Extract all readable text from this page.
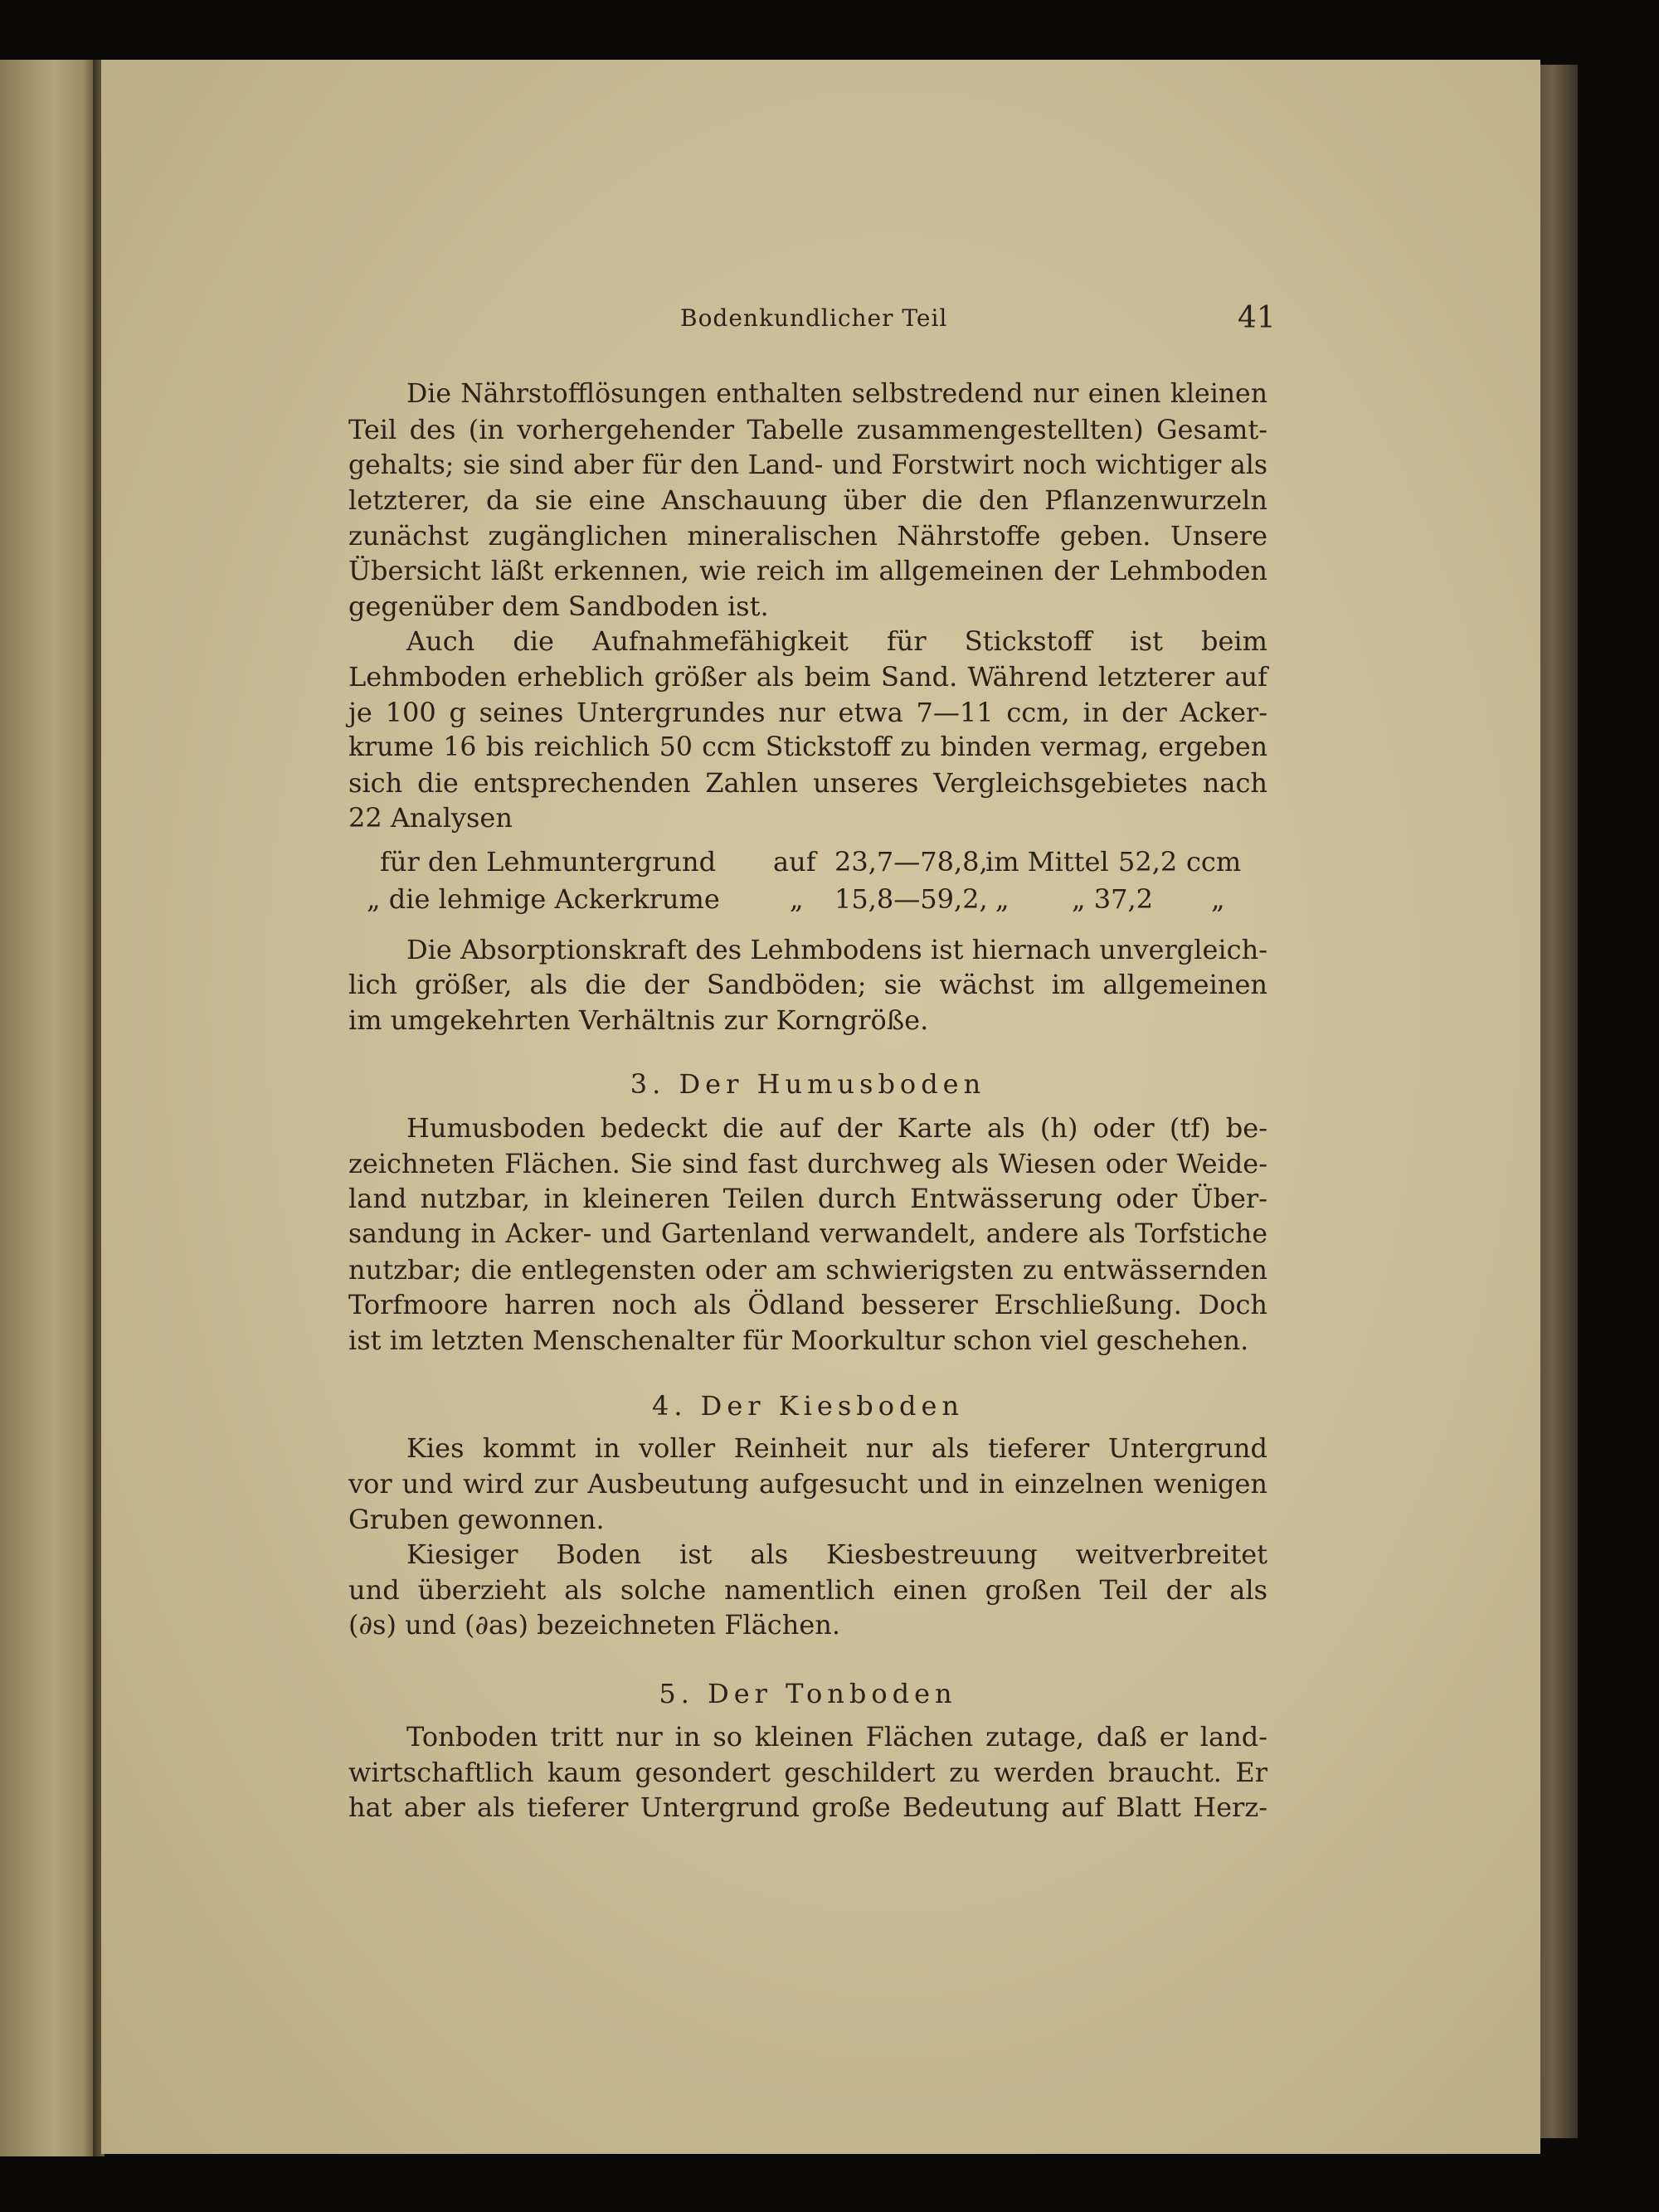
Bodenkundlicher Teil	41
Die Nährstofflösungen enthalten selbstredend nur einen kleinen
Teil des (in vorhergehender Tabelle zusammengestellten) Gesamt-
gehalts; sie sind aber für den Land- und Forstwirt noch wichtiger als
letzterer, da sie eine Anschauung über die den Pflanzenwurzeln
zunächst zugänglichen mineralischen Nährstoffe geben. Unsere
Übersicht läßt erkennen, wie reich im allgemeinen der Lehmboden
gegenüber dem Sandboden ist.
Auch die Aufnahmefähigkeit für Stickstoff ist beim
Lehmboden erheblich größer als beim Sand. Während letzterer auf
je 100 g seines Untergrundes nur etwa 7—11 ccm, in der Acker-
krume 16 bis reichlich 50 ccm Stickstoff zu binden vermag, ergeben
sich die entsprechenden Zahlen unseres Vergleichsgebietes nach
22 Analysen
für den Lehmuntergrund auf 23,7—78,8,
im Mittel 52,2 ccm
„ die lehmige Ackerkrume	„ 15,8—59,2, „ „ 37,2 „
Die Absorptionskraft des Lehmbodens ist hiernach unvergleich-
lich größer, als die der Sandböden; sie wächst im allgemeinen
im umgekehrten Verhältnis zur Korngröße.
3. Der Humusboden
Humusboden bedeckt die auf der Karte als (h) oder (tf) be-
zeichneten Flächen. Sie sind fast durchweg als Wiesen oder Weide-
land nutzbar, in kleineren Teilen durch Entwässerung oder Über-
sandung in Acker- und Gartenland verwandelt, andere als Torfstiche
nutzbar; die entlegensten oder am schwierigsten zu entwässernden
Torfmoore harren noch als Ödland besserer Erschließung. Doch
ist im letzten Menschenalter für Moorkultur schon viel geschehen.
4. Der Kiesboden
Kies kommt in voller Reinheit nur als tieferer Untergrund
vor und wird zur Ausbeutung aufgesucht und in einzelnen wenigen
Gruben gewonnen.
Kiesiger Boden ist als Kiesbestreuung weitverbreitet
und überzieht als solche namentlich einen großen Teil der als
(∂s) und (∂as) bezeichneten Flächen.
5. Der Tonboden
Tonboden tritt nur in so kleinen Flächen zutage, daß er land-
wirtschaftlich kaum gesondert geschildert zu werden braucht. Er
hat aber als tieferer Untergrund große Bedeutung auf Blatt Herz-
